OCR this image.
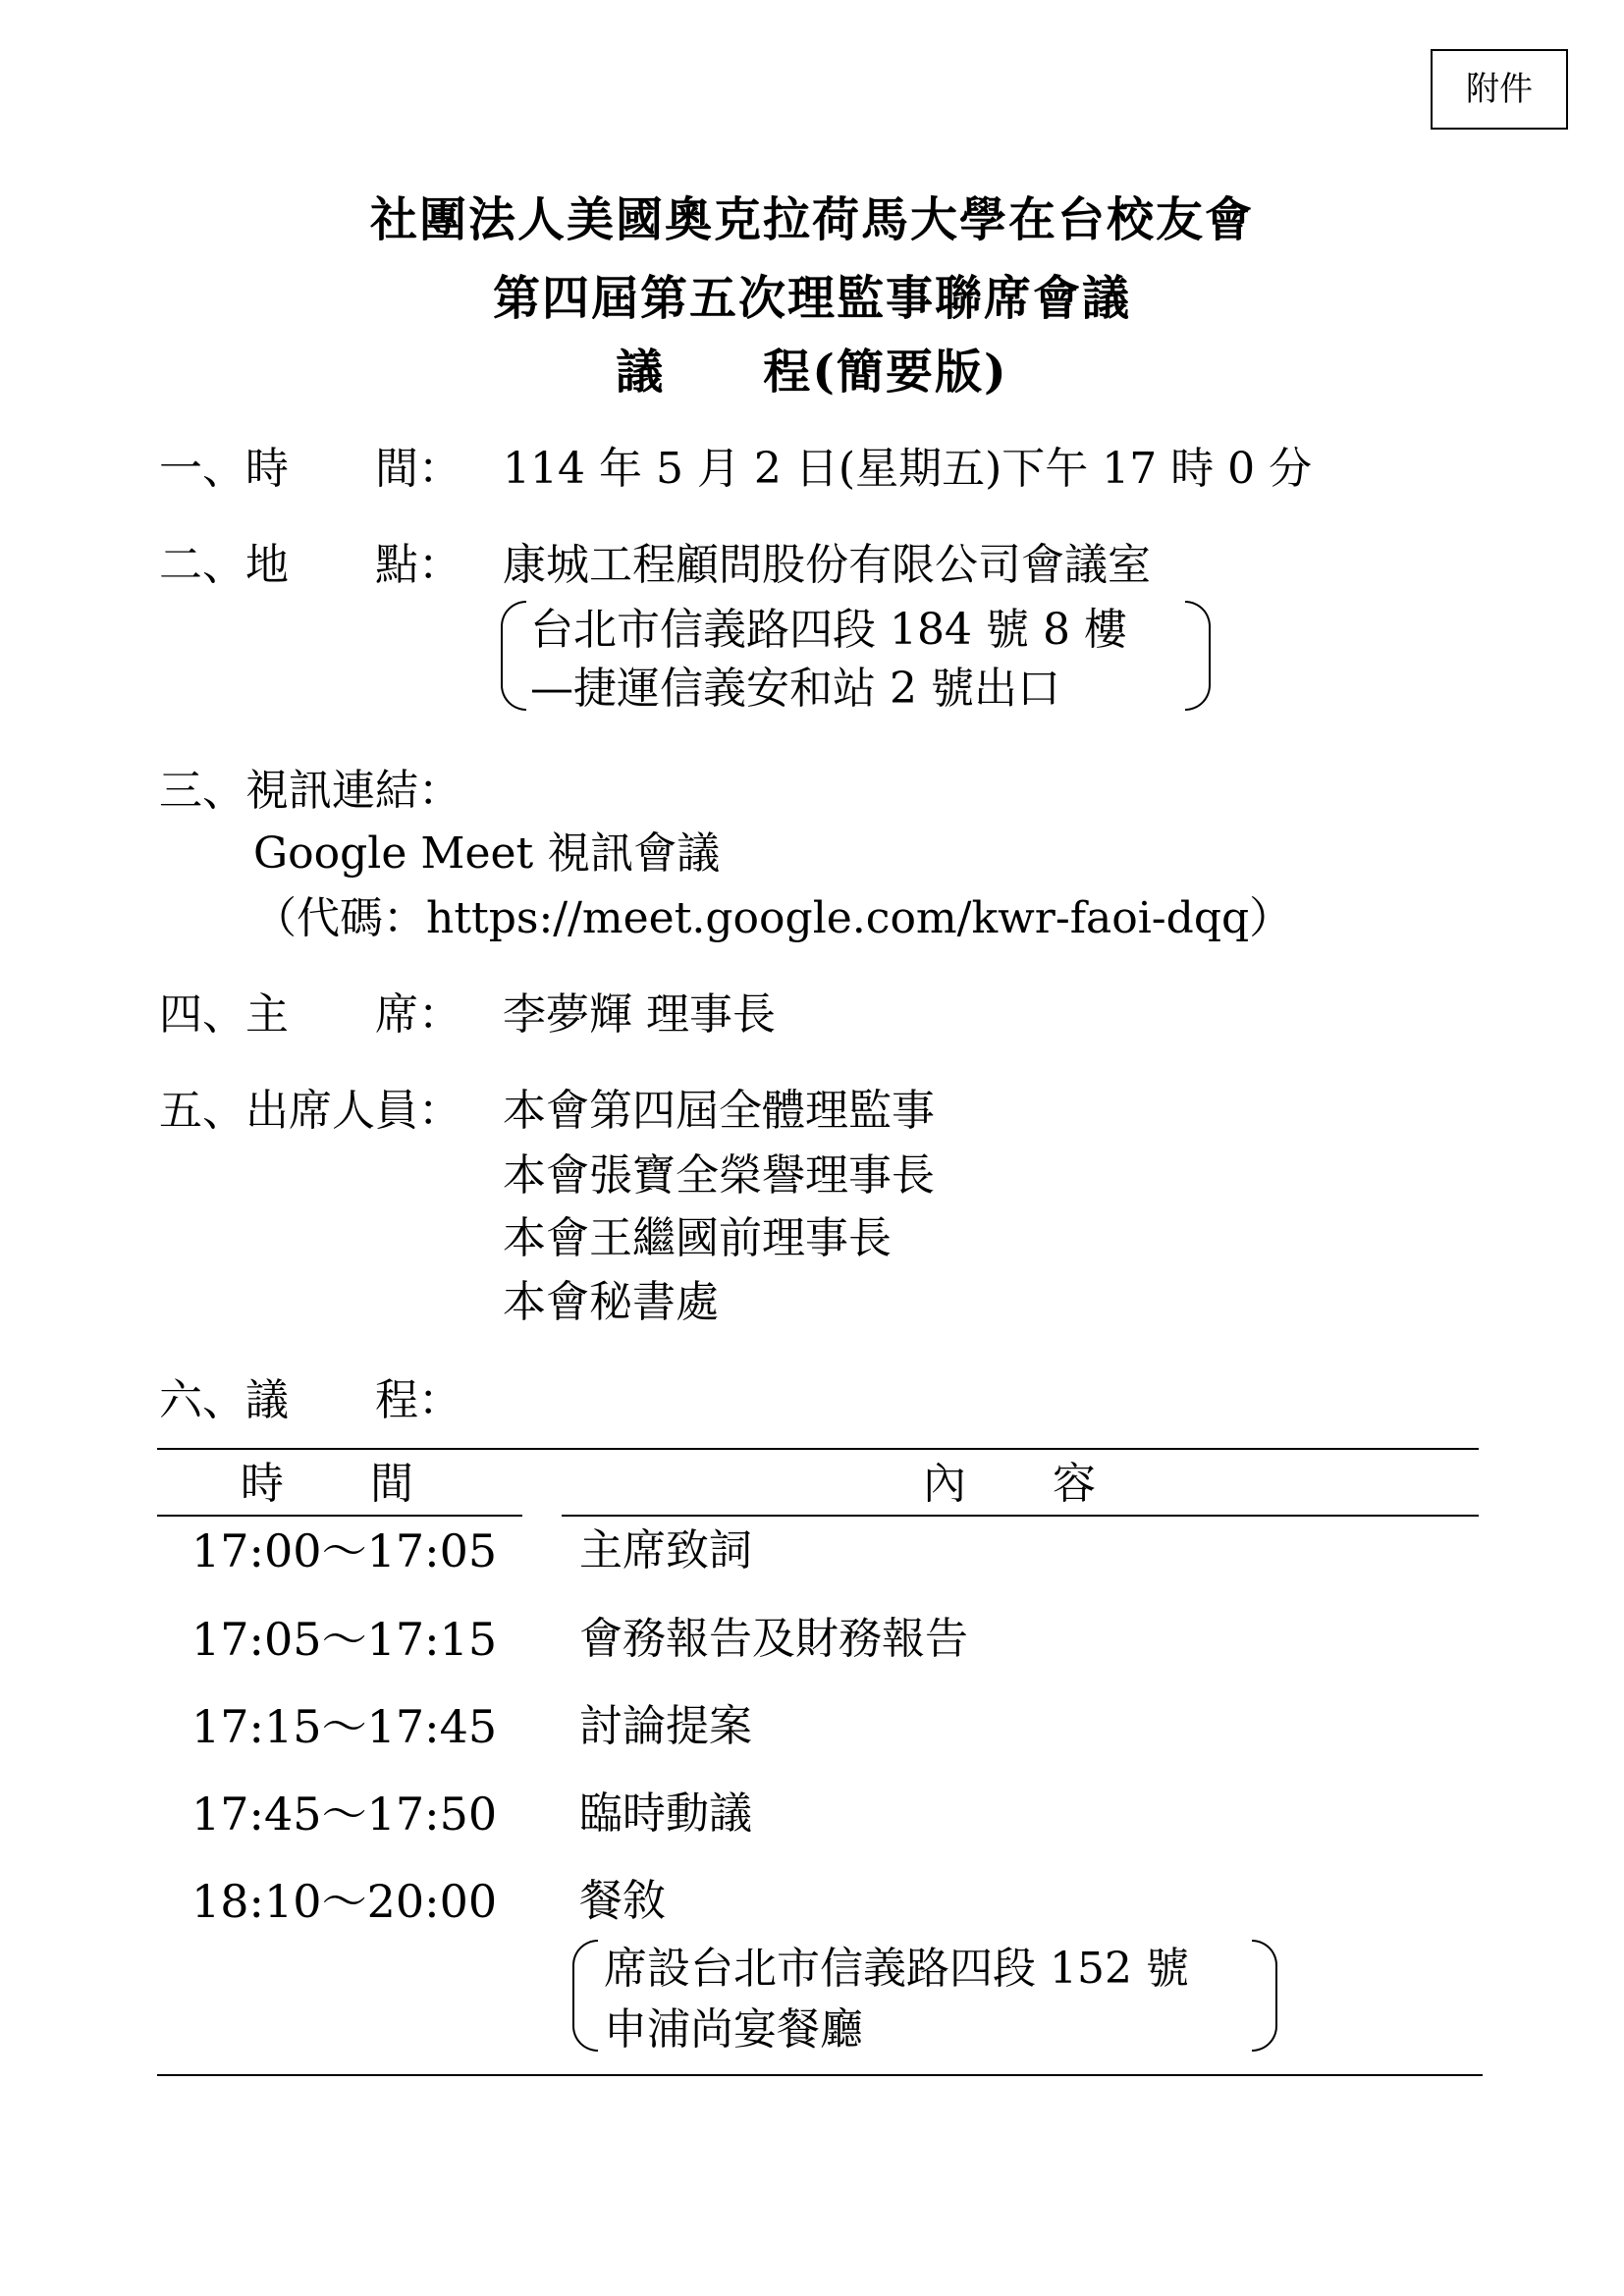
附件
社團法人美國奧克拉荷馬大學在台校友會
第四屆第五次理監事聯席會議
議　　程(簡要版)
一、時　　間： 114 年 5 月 2 日(星期五)下午 17 時 0 分
二、地　　點： 康城工程顧問股份有限公司會議室
台北市信義路四段 184 號 8 樓
—捷運信義安和站 2 號出口
三、視訊連結：
Google Meet 視訊會議
（代碼：https://meet.google.com/kwr-faoi-dqq）
四、主　　席： 李夢輝 理事長
五、出席人員： 本會第四屆全體理監事
本會張寶全榮譽理事長
本會王繼國前理事長
本會秘書處
六、議　　程：
時　　間	內　　容
17:00～17:05 主席致詞
17:05～17:15 會務報告及財務報告
17:15～17:45 討論提案
17:45～17:50 臨時動議
18:10～20:00 餐敘
席設台北市信義路四段 152 號
申浦尚宴餐廳
